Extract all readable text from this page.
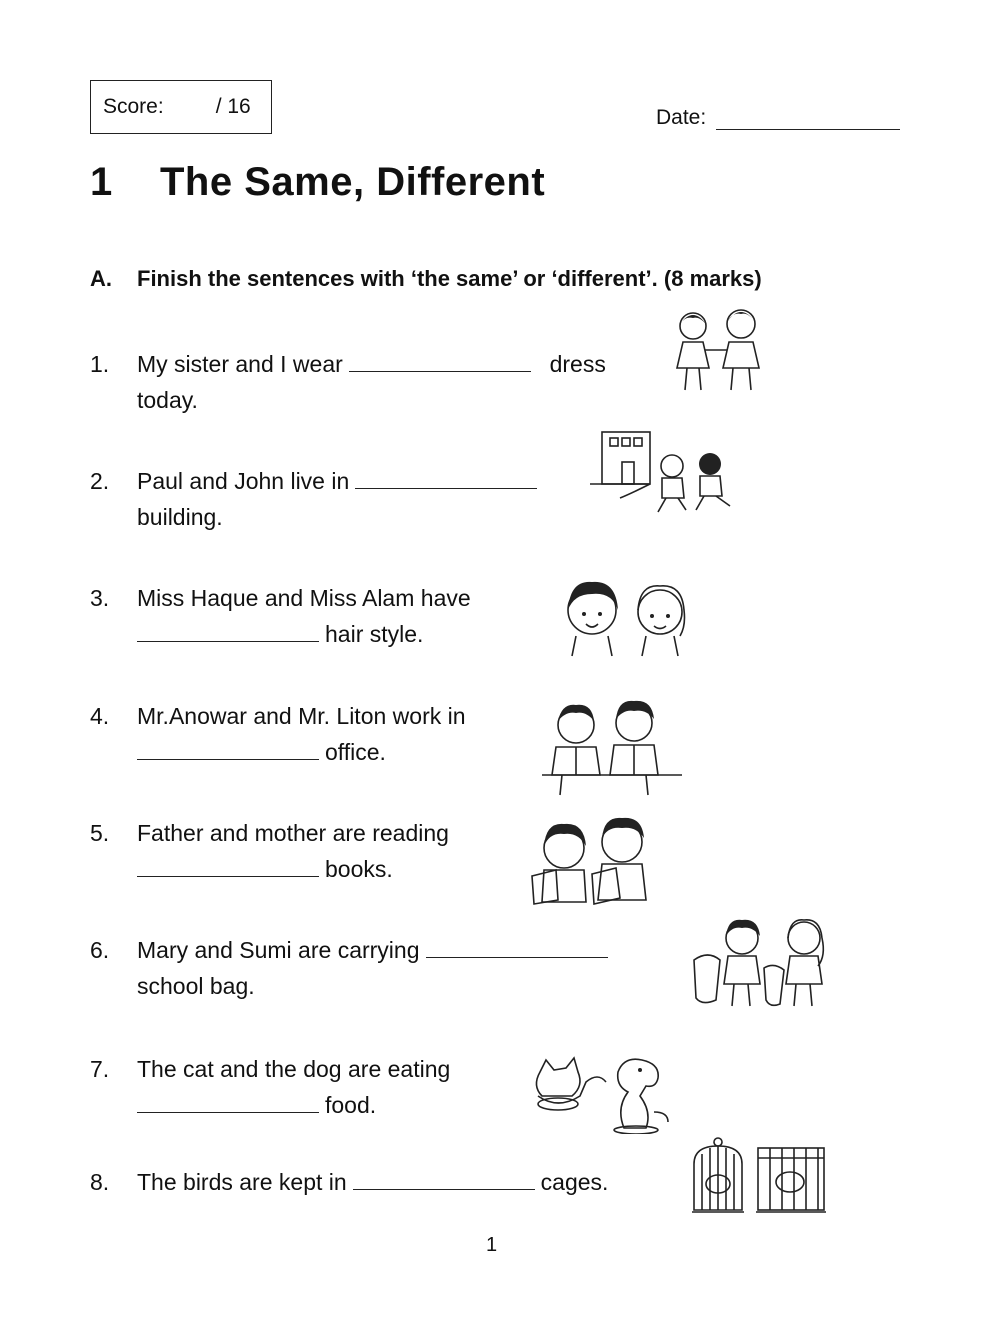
Score: / 16	Date:
1	The Same, Different
A.	Finish the sentences with ‘the same’ or ‘different’. (8 marks)
1.	My sister and I wear	dress
today.
2.	Paul and John live in
building.
3.	Miss Haque and Miss Alam have
hair style.
4.	Mr.Anowar and Mr. Liton work in
office.
5.	Father and mother are reading
books.
6.	Mary and Sumi are carrying
school bag.
7.	The cat and the dog are eating
food.
8.	The birds are kept in	cages.
1
